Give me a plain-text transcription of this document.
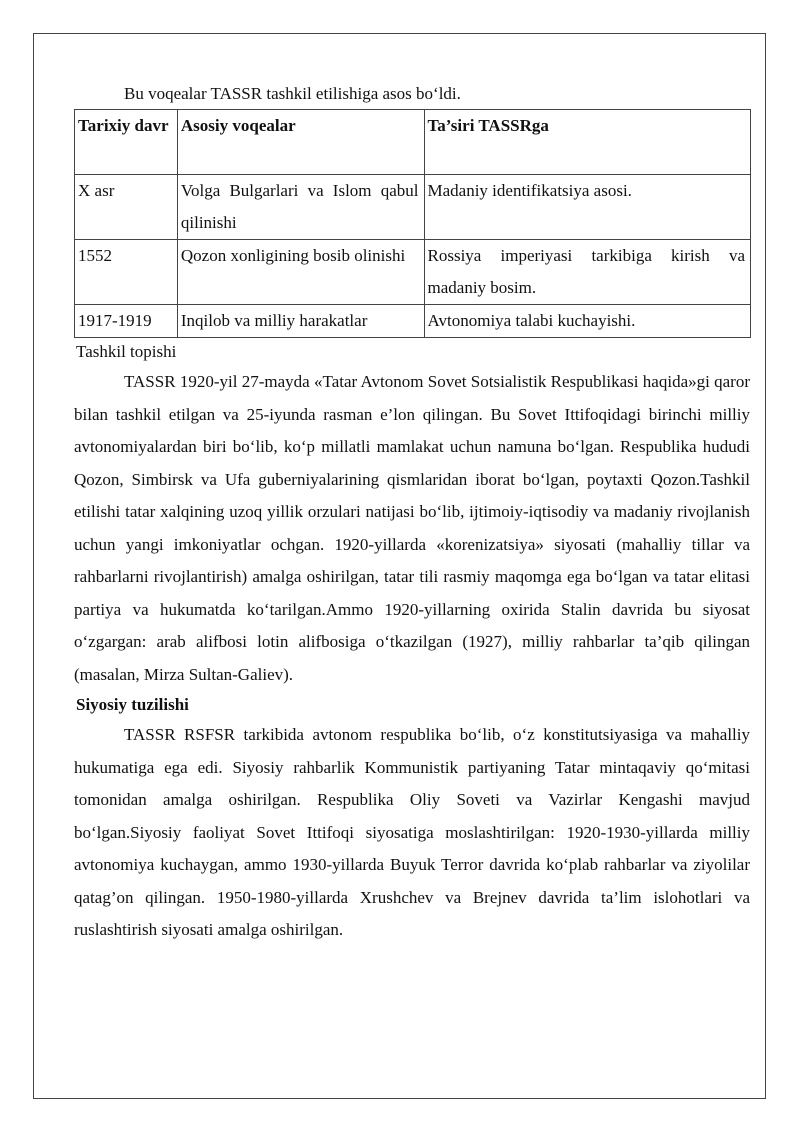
Bu voqealar TASSR tashkil etilishiga asos bo‘ldi.

Tarixiy davr	Asosiy voqealar	Ta’siri TASSRga
X asr	Volga Bulgarlari va Islom qabul qilinishi	Madaniy identifikatsiya asosi.
1552	Qozon xonligining bosib olinishi	Rossiya imperiyasi tarkibiga kirish va madaniy bosim.
1917-1919	Inqilob va milliy harakatlar	Avtonomiya talabi kuchayishi.

Tashkil topishi

TASSR 1920-yil 27-mayda «Tatar Avtonom Sovet Sotsialistik Respublikasi haqida»gi qaror bilan tashkil etilgan va 25-iyunda rasman e’lon qilingan. Bu Sovet Ittifoqidagi birinchi milliy avtonomiyalardan biri bo‘lib, ko‘p millatli mamlakat uchun namuna bo‘lgan. Respublika hududi Qozon, Simbirsk va Ufa guberniyalarining qismlaridan iborat bo‘lgan, poytaxti Qozon.Tashkil etilishi tatar xalqining uzoq yillik orzulari natijasi bo‘lib, ijtimoiy-iqtisodiy va madaniy rivojlanish uchun yangi imkoniyatlar ochgan. 1920-yillarda «korenizatsiya» siyosati (mahalliy tillar va rahbarlarni rivojlantirish) amalga oshirilgan, tatar tili rasmiy maqomga ega bo‘lgan va tatar elitasi partiya va hukumatda ko‘tarilgan.Ammo 1920-yillarning oxirida Stalin davrida bu siyosat o‘zgargan: arab alifbosi lotin alifbosiga o‘tkazilgan (1927), milliy rahbarlar ta’qib qilingan (masalan, Mirza Sultan-Galiev).

Siyosiy tuzilishi

TASSR RSFSR tarkibida avtonom respublika bo‘lib, o‘z konstitutsiyasiga va mahalliy hukumatiga ega edi. Siyosiy rahbarlik Kommunistik partiyaning Tatar mintaqaviy qo‘mitasi tomonidan amalga oshirilgan. Respublika Oliy Soveti va Vazirlar Kengashi mavjud bo‘lgan.Siyosiy faoliyat Sovet Ittifoqi siyosatiga moslashtirilgan: 1920-1930-yillarda milliy avtonomiya kuchaygan, ammo 1930-yillarda Buyuk Terror davrida ko‘plab rahbarlar va ziyolilar qatag’on qilingan. 1950-1980-yillarda Xrushchev va Brejnev davrida ta’lim islohotlari va ruslashtirish siyosati amalga oshirilgan.
